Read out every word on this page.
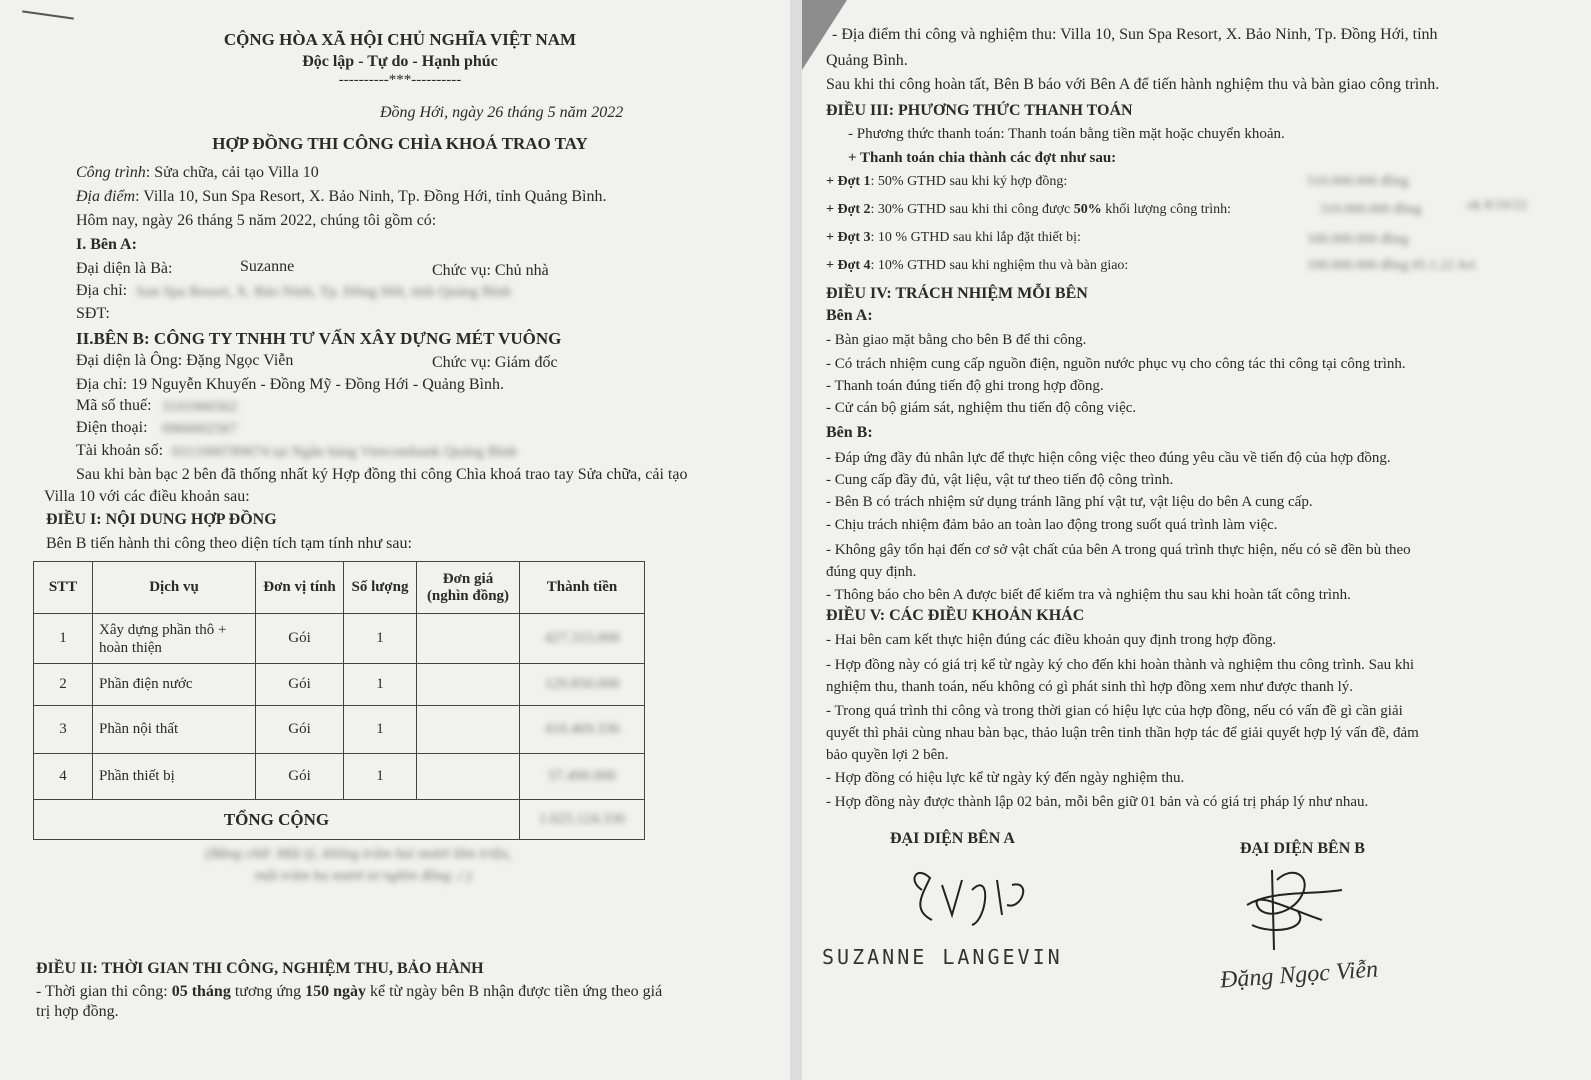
CỘNG HÒA XÃ HỘI CHỦ NGHĨA VIỆT NAM
Độc lập - Tự do - Hạnh phúc
----------***----------
Đồng Hới, ngày 26 tháng 5 năm 2022
HỢP ĐỒNG THI CÔNG CHÌA KHOÁ TRAO TAY
Công trình: Sửa chữa, cải tạo Villa 10
Địa điểm: Villa 10, Sun Spa Resort, X. Bảo Ninh, Tp. Đồng Hới, tỉnh Quảng Bình.
Hôm nay, ngày 26 tháng 5 năm 2022, chúng tôi gồm có:
I. Bên A:
Đại diện là Bà:	Suzanne	Chức vụ: Chủ nhà
Địa chỉ: Sun Spa Resort, X. Bảo Ninh, Tp. Đồng Hới, tỉnh Quảng Bình
SĐT:
II.BÊN B: CÔNG TY TNHH TƯ VẤN XÂY DỰNG MÉT VUÔNG
Đại diện là Ông: Đặng Ngọc Viễn	Chức vụ: Giám đốc
Địa chỉ: 19 Nguyễn Khuyến - Đồng Mỹ - Đồng Hới - Quảng Bình.
Mã số thuế: 3101066562
Điện thoại: 0966002567
Tài khoản số: 0311000789674 tại Ngân hàng Vietcombank Quảng Bình
Sau khi bàn bạc 2 bên đã thống nhất ký Hợp đồng thi công Chìa khoá trao tay Sửa chữa, cải tạo
Villa 10 với các điều khoản sau:
ĐIỀU I: NỘI DUNG HỢP ĐỒNG
Bên B tiến hành thi công theo diện tích tạm tính như sau:
STT	Dịch vụ	Đơn vị tính	Số lượng	Đơn giá (nghìn đồng)	Thành tiền
1	Xây dựng phần thô + hoàn thiện	Gói	1		427.315.000
2	Phần điện nước	Gói	1		129.850.000
3	Phần nội thất	Gói	1		410.469.336
4	Phần thiết bị	Gói	1		57.490.000
TỔNG CỘNG					1.025.124.336
(Bằng chữ: Một tỷ, không trăm hai mươi lăm triệu,
một trăm ba mươi tư nghìn đồng ./.)
ĐIỀU II: THỜI GIAN THI CÔNG, NGHIỆM THU, BẢO HÀNH
- Thời gian thi công: 05 tháng tương ứng 150 ngày kể từ ngày bên B nhận được tiền ứng theo giá
trị hợp đồng.
- Địa điểm thi công và nghiệm thu: Villa 10, Sun Spa Resort, X. Bảo Ninh, Tp. Đồng Hới, tỉnh
Quảng Bình.
Sau khi thi công hoàn tất, Bên B báo với Bên A để tiến hành nghiệm thu và bàn giao công trình.
ĐIỀU III: PHƯƠNG THỨC THANH TOÁN
- Phương thức thanh toán: Thanh toán bằng tiền mặt hoặc chuyển khoản.
+ Thanh toán chia thành các đợt như sau:
+ Đợt 1: 50% GTHD sau khi ký hợp đồng:	510.000.000 đồng
+ Đợt 2: 30% GTHD sau khi thi công được 50% khối lượng công trình:	310.000.000 đồng	ok 8/10/22
+ Đợt 3: 10 % GTHD sau khi lắp đặt thiết bị:	100.000.000 đồng
+ Đợt 4: 10% GTHD sau khi nghiệm thu và bàn giao:	100.000.000 đồng 05.1.22 Ari
ĐIỀU IV: TRÁCH NHIỆM MỖI BÊN
Bên A:
- Bàn giao mặt bằng cho bên B để thi công.
- Có trách nhiệm cung cấp nguồn điện, nguồn nước phục vụ cho công tác thi công tại công trình.
- Thanh toán đúng tiến độ ghi trong hợp đồng.
- Cử cán bộ giám sát, nghiệm thu tiến độ công việc.
Bên B:
- Đáp ứng đầy đủ nhân lực để thực hiện công việc theo đúng yêu cầu về tiến độ của hợp đồng.
- Cung cấp đầy đủ, vật liệu, vật tư theo tiến độ công trình.
- Bên B có trách nhiệm sử dụng tránh lãng phí vật tư, vật liệu do bên A cung cấp.
- Chịu trách nhiệm đảm bảo an toàn lao động trong suốt quá trình làm việc.
- Không gây tổn hại đến cơ sở vật chất của bên A trong quá trình thực hiện, nếu có sẽ đền bù theo
đúng quy định.
- Thông báo cho bên A được biết để kiểm tra và nghiệm thu sau khi hoàn tất công trình.
ĐIỀU V: CÁC ĐIỀU KHOẢN KHÁC
- Hai bên cam kết thực hiện đúng các điều khoản quy định trong hợp đồng.
- Hợp đồng này có giá trị kể từ ngày ký cho đến khi hoàn thành và nghiệm thu công trình. Sau khi
nghiệm thu, thanh toán, nếu không có gì phát sinh thì hợp đồng xem như được thanh lý.
- Trong quá trình thi công và trong thời gian có hiệu lực của hợp đồng, nếu có vấn đề gì cần giải
quyết thì phải cùng nhau bàn bạc, thảo luận trên tinh thần hợp tác để giải quyết hợp lý vấn đề, đảm
bảo quyền lợi 2 bên.
- Hợp đồng có hiệu lực kể từ ngày ký đến ngày nghiệm thu.
- Hợp đồng này được thành lập 02 bản, mỗi bên giữ 01 bản và có giá trị pháp lý như nhau.
ĐẠI DIỆN BÊN A
ĐẠI DIỆN BÊN B
SUZANNE LANGEVIN	Đặng Ngọc Viễn
